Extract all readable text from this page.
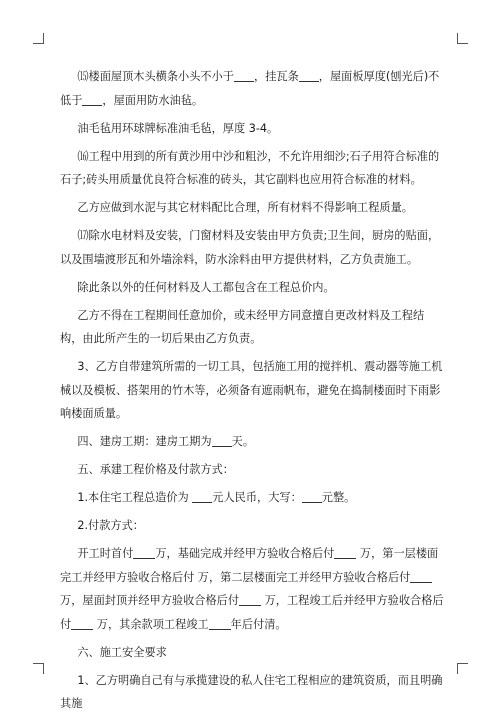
⒂楼面屋顶木头横条小头不小于 ，挂瓦条 ，屋面板厚度(刨光后)不低于 ，屋面用防水油毡。

油毛毡用环球牌标准油毛毡，厚度 3-4。

⒃工程中用到的所有黄沙用中沙和粗沙，不允许用细沙;石子用符合标准的石子;砖头用质量优良符合标准的砖头，其它副料也应用符合标准的材料。

乙方应做到水泥与其它材料配比合理，所有材料不得影响工程质量。

⒄除水电材料及安装，门窗材料及安装由甲方负责;卫生间，厨房的贴面，以及围墙渡形瓦和外墙涂料，防水涂料由甲方提供材料，乙方负责施工。

除此条以外的任何材料及人工都包含在工程总价内。

乙方不得在工程期间任意加价，或未经甲方同意擅自更改材料及工程结构，由此所产生的一切后果由乙方负责。

3、乙方自带建筑所需的一切工具，包括施工用的搅拌机、震动器等施工机械以及模板、搭架用的竹木等，必须备有遮雨帆布，避免在捣制楼面时下雨影响楼面质量。

四、建房工期：建房工期为 天。

五、承建工程价格及付款方式：

1.本住宅工程总造价为 元人民币，大写： 元整。

2.付款方式：

开工时首付 万，基础完成并经甲方验收合格后付 万，第一层楼面完工并经甲方验收合格后付 万，第二层楼面完工并经甲方验收合格后付 万，屋面封顶并经甲方验收合格后付 万，工程竣工后并经甲方验收合格后付 万，其余款项工程竣工 年后付清。

六、施工安全要求

1、乙方明确自己有与承揽建设的私人住宅工程相应的建筑资质，而且明确其施
